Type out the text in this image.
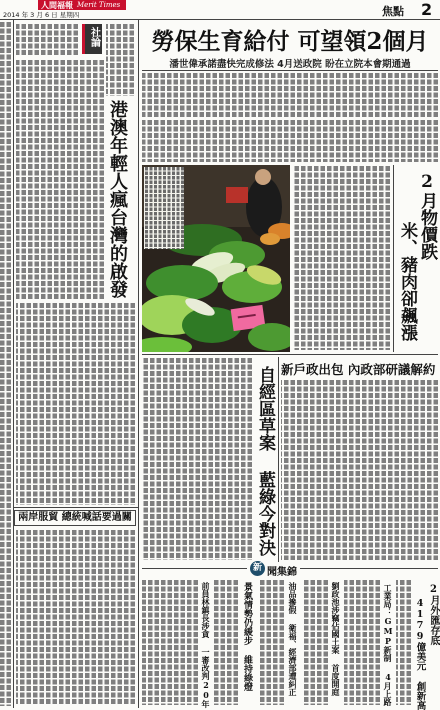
人間福報 Merit Times
2014 年 3 月 6 日 星期四	焦點 2
社論
港澳年輕人瘋台灣的啟發
兩岸服貿 總統喊話要過關
勞保生育給付 可望領2個月
潘世偉承諾盡快完成修法 4月送政院 盼在立院本會期通過
2月物價跌
米、豬肉卻飆漲
自經區草案 藍綠今對決 新戶政出包 內政部研議解約
新 聞集錦
2月外匯存底
4179億美元 創新高
工業局：GMP新制 4月上路
劉政池涉竊佔國土案 首度開庭
油品摻假 衛福、經濟部遭糾正
景氣情勢仍緩步 維持綠燈
前員林鎮長涉貪 一審改判20年
